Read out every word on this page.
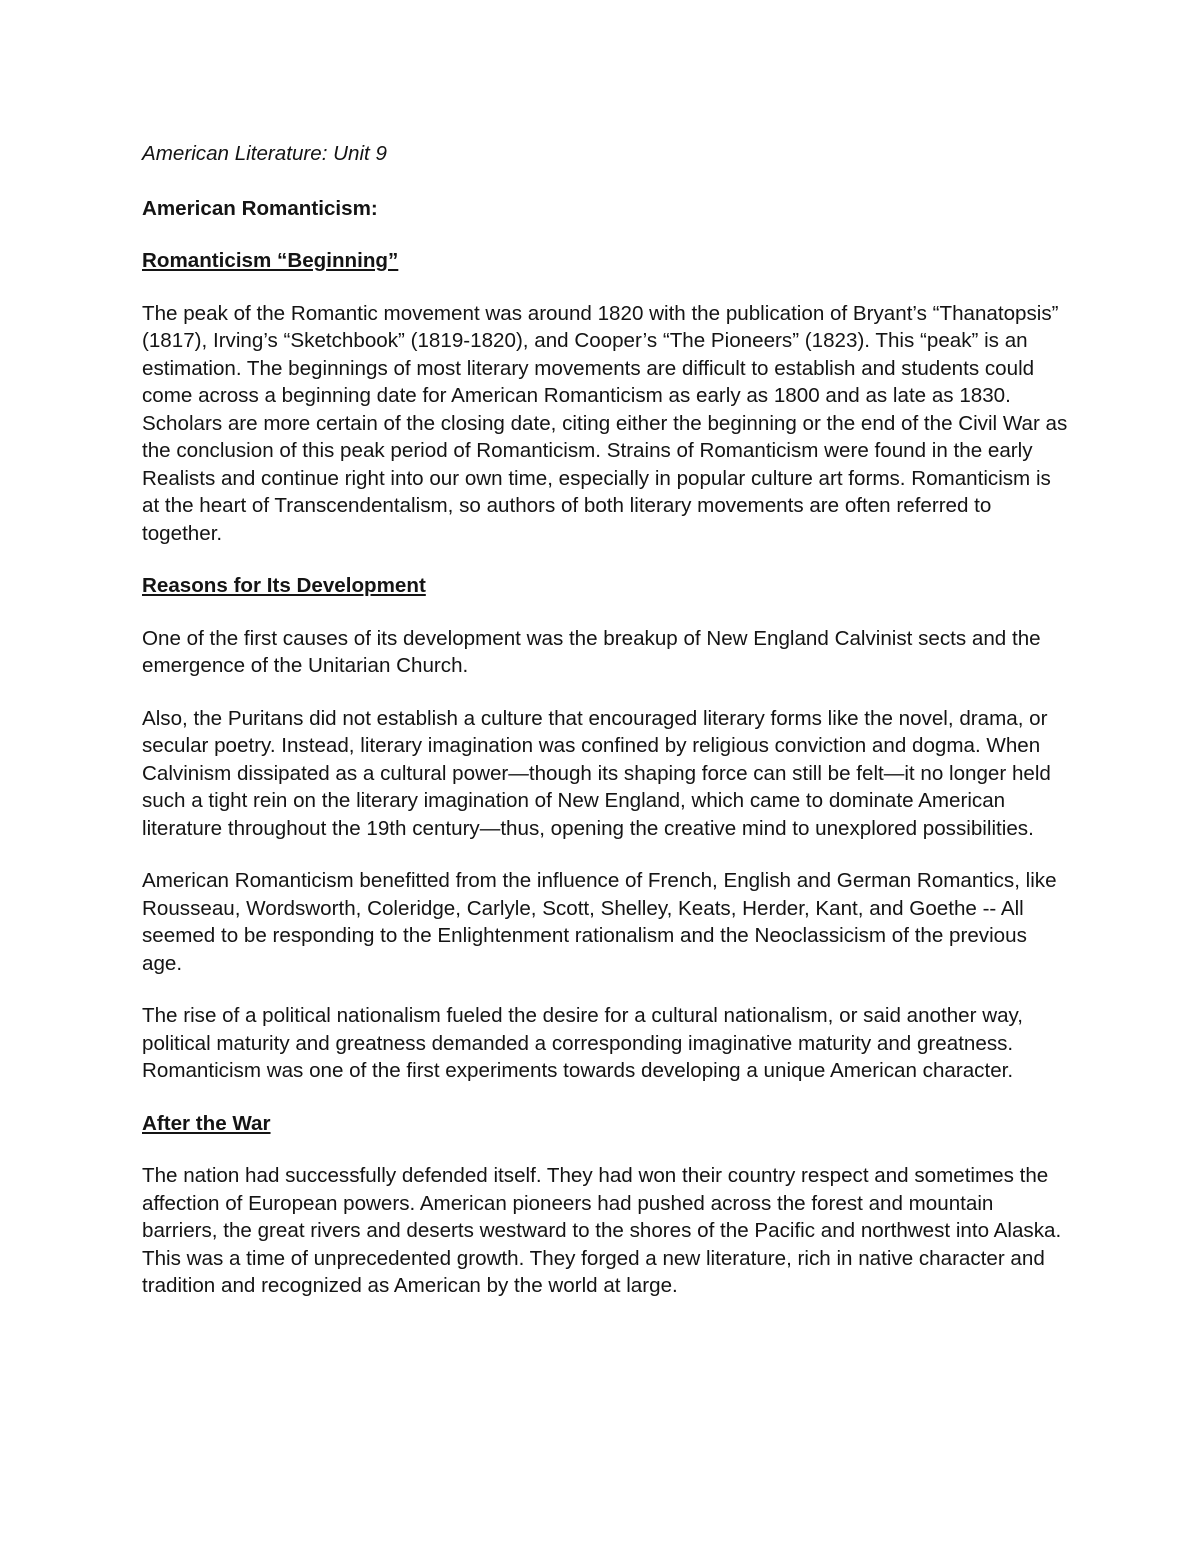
American Literature: Unit 9

American Romanticism:

Romanticism “Beginning”

The peak of the Romantic movement was around 1820 with the publication of Bryant’s “Thanatopsis” (1817), Irving’s “Sketchbook” (1819-1820), and Cooper’s “The Pioneers” (1823). This “peak” is an estimation. The beginnings of most literary movements are difficult to establish and students could come across a beginning date for American Romanticism as early as 1800 and as late as 1830. Scholars are more certain of the closing date, citing either the beginning or the end of the Civil War as the conclusion of this peak period of Romanticism. Strains of Romanticism were found in the early Realists and continue right into our own time, especially in popular culture art forms. Romanticism is at the heart of Transcendentalism, so authors of both literary movements are often referred to together.

Reasons for Its Development

One of the first causes of its development was the breakup of New England Calvinist sects and the emergence of the Unitarian Church.

Also, the Puritans did not establish a culture that encouraged literary forms like the novel, drama, or secular poetry. Instead, literary imagination was confined by religious conviction and dogma. When Calvinism dissipated as a cultural power—though its shaping force can still be felt—it no longer held such a tight rein on the literary imagination of New England, which came to dominate American literature throughout the 19th century—thus, opening the creative mind to unexplored possibilities.

American Romanticism benefitted from the influence of French, English and German Romantics, like Rousseau, Wordsworth, Coleridge, Carlyle, Scott, Shelley, Keats, Herder, Kant, and Goethe -- All seemed to be responding to the Enlightenment rationalism and the Neoclassicism of the previous age.

The rise of a political nationalism fueled the desire for a cultural nationalism, or said another way, political maturity and greatness demanded a corresponding imaginative maturity and greatness. Romanticism was one of the first experiments towards developing a unique American character.

After the War

The nation had successfully defended itself. They had won their country respect and sometimes the affection of European powers. American pioneers had pushed across the forest and mountain barriers, the great rivers and deserts westward to the shores of the Pacific and northwest into Alaska. This was a time of unprecedented growth. They forged a new literature, rich in native character and tradition and recognized as American by the world at large.
